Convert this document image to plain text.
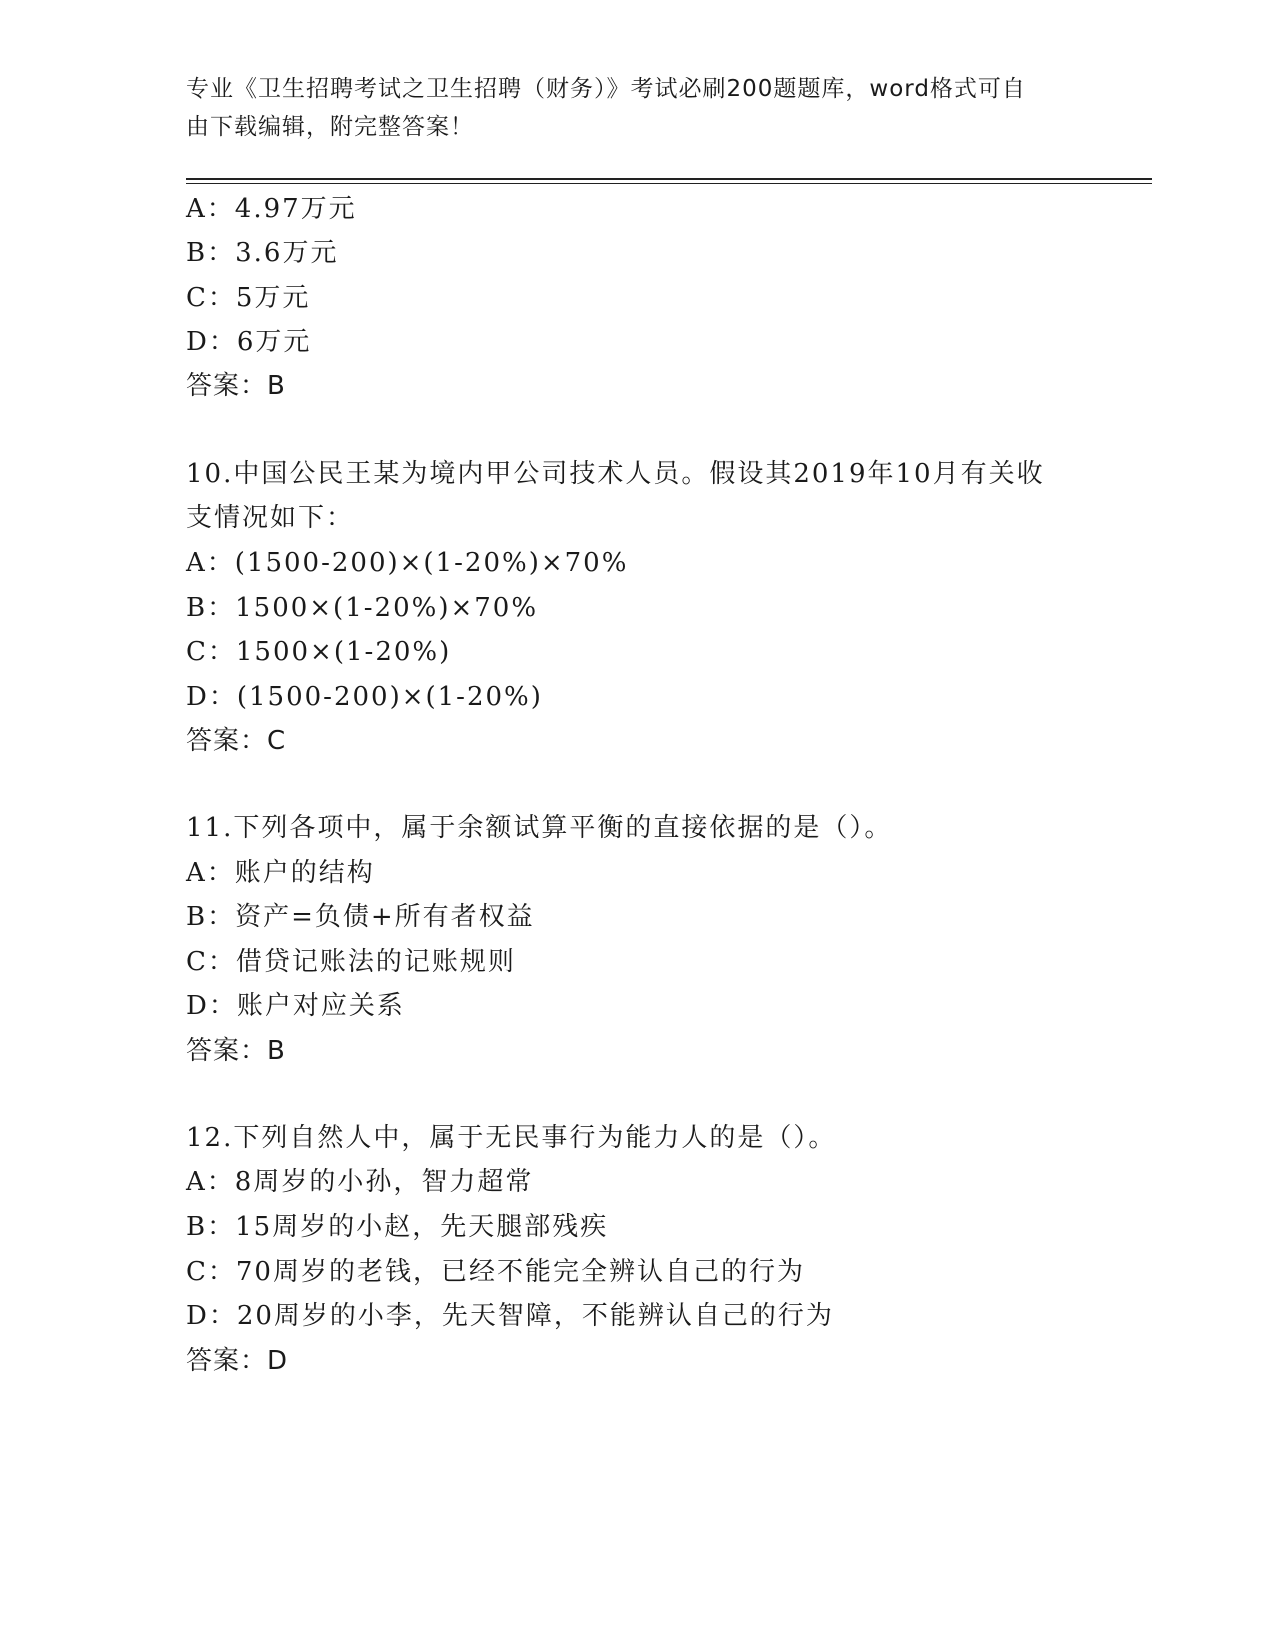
专业《卫生招聘考试之卫生招聘（财务）》考试必刷200题题库，word格式可自
由下载编辑，附完整答案！
A：4.97万元
B：3.6万元
C：5万元
D：6万元
答案：B
10.中国公民王某为境内甲公司技术人员。假设其2019年10月有关收
支情况如下：
A：(1500-200)×(1-20%)×70%
B：1500×(1-20%)×70%
C：1500×(1-20%)
D：(1500-200)×(1-20%)
答案：C
11.下列各项中，属于余额试算平衡的直接依据的是（）。
A：账户的结构
B：资产=负债+所有者权益
C：借贷记账法的记账规则
D：账户对应关系
答案：B
12.下列自然人中，属于无民事行为能力人的是（）。
A：8周岁的小孙，智力超常
B：15周岁的小赵，先天腿部残疾
C：70周岁的老钱，已经不能完全辨认自己的行为
D：20周岁的小李，先天智障，不能辨认自己的行为
答案：D
